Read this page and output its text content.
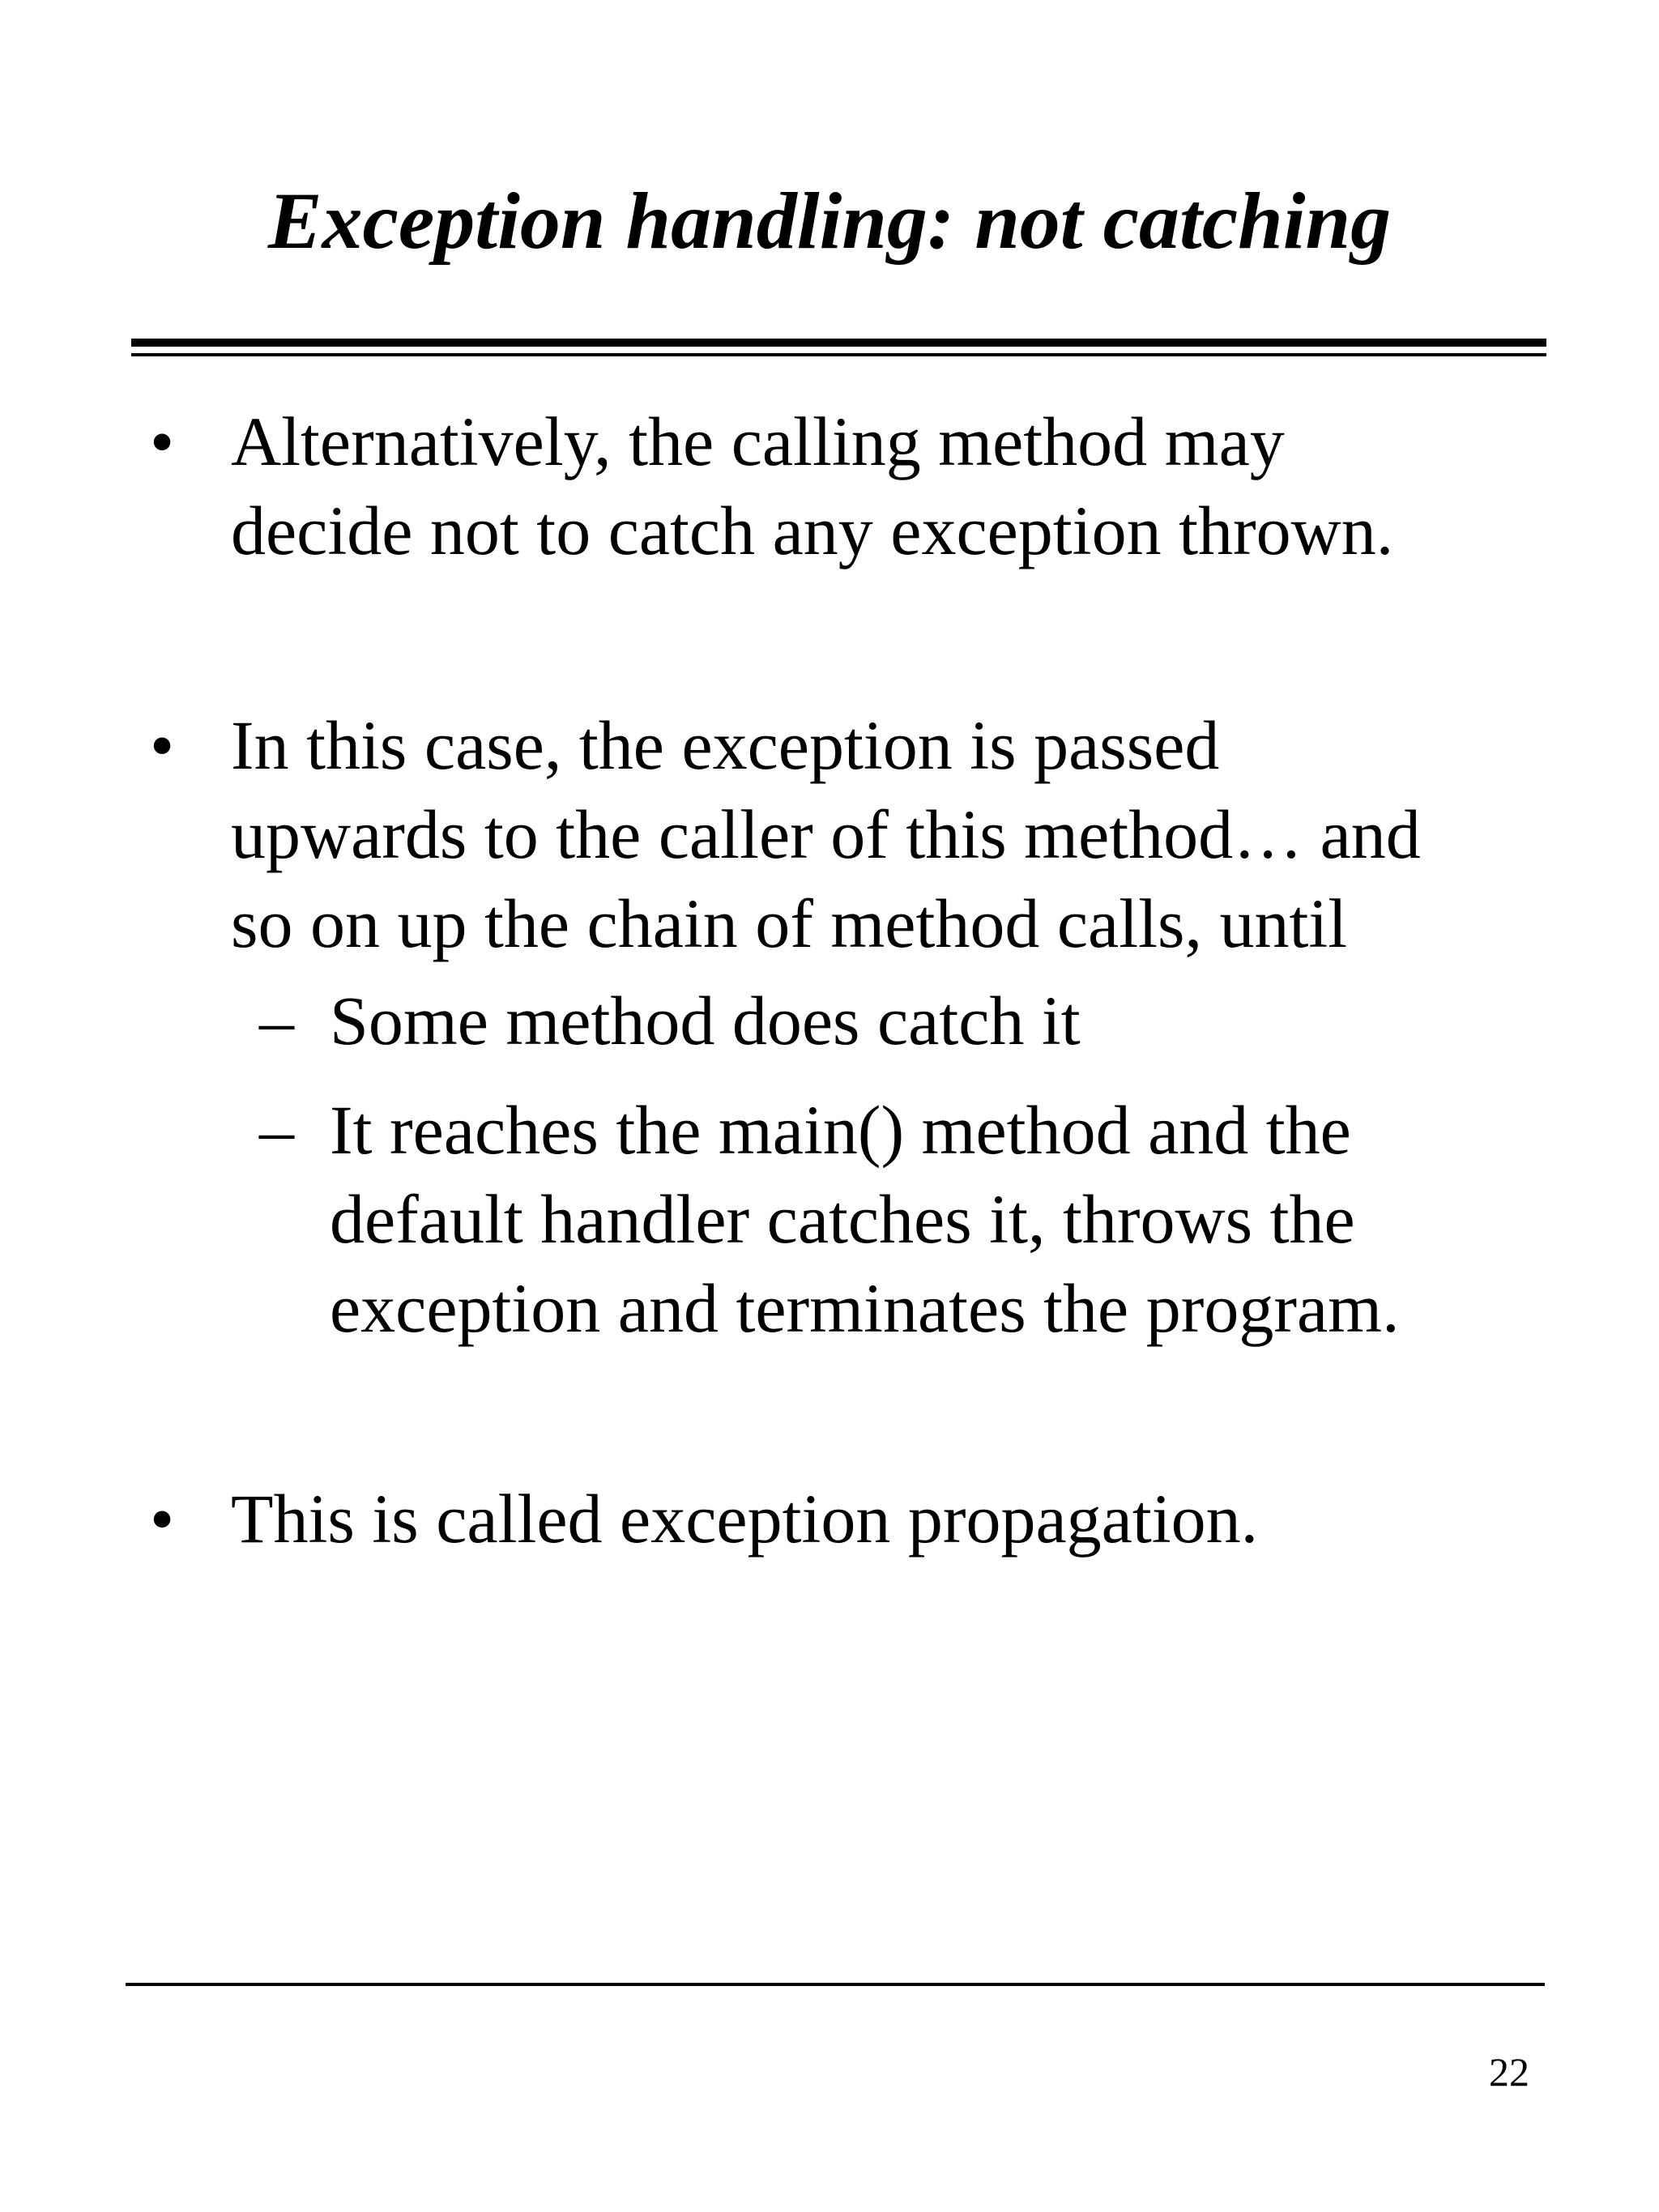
Exception handling: not catching
• Alternatively, the calling method may
decide not to catch any exception thrown.
• In this case, the exception is passed
upwards to the caller of this method… and
so on up the chain of method calls, until
– Some method does catch it
– It reaches the main() method and the
default handler catches it, throws the
exception and terminates the program.
• This is called exception propagation.
22
